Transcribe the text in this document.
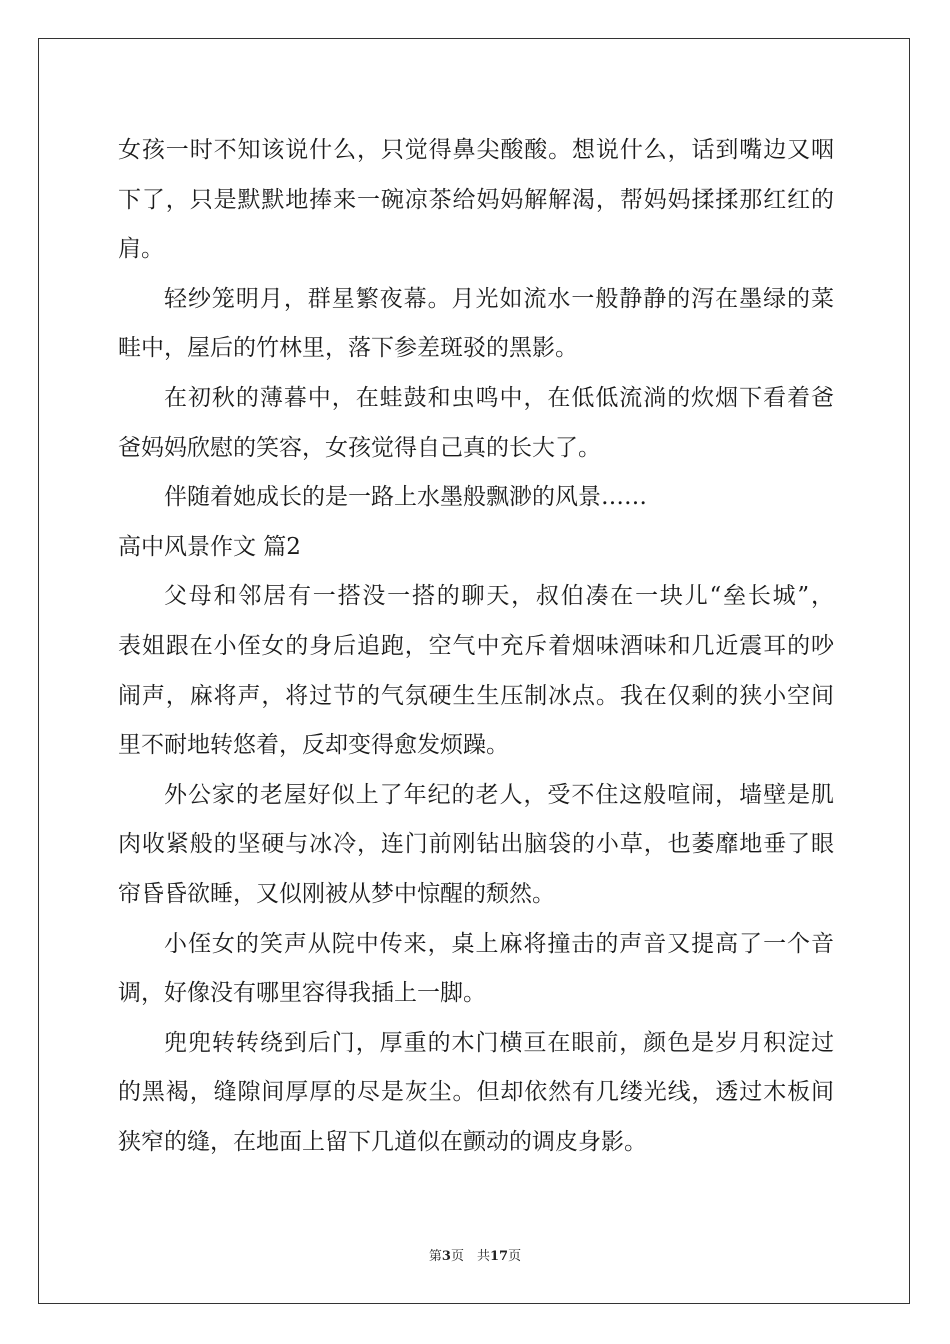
女孩一时不知该说什么，只觉得鼻尖酸酸。想说什么，话到嘴边又咽
下了，只是默默地捧来一碗凉茶给妈妈解解渴，帮妈妈揉揉那红红的
肩。
轻纱笼明月，群星繁夜幕。月光如流水一般静静的泻在墨绿的菜
畦中，屋后的竹林里，落下参差斑驳的黑影。
在初秋的薄暮中，在蛙鼓和虫鸣中，在低低流淌的炊烟下看着爸
爸妈妈欣慰的笑容，女孩觉得自己真的长大了。
伴随着她成长的是一路上水墨般飘渺的风景……
高中风景作文 篇2
父母和邻居有一搭没一搭的聊天，叔伯凑在一块儿“垒长城”，
表姐跟在小侄女的身后追跑，空气中充斥着烟味酒味和几近震耳的吵
闹声，麻将声，将过节的气氛硬生生压制冰点。我在仅剩的狭小空间
里不耐地转悠着，反却变得愈发烦躁。
外公家的老屋好似上了年纪的老人，受不住这般喧闹，墙壁是肌
肉收紧般的坚硬与冰冷，连门前刚钻出脑袋的小草，也萎靡地垂了眼
帘昏昏欲睡，又似刚被从梦中惊醒的颓然。
小侄女的笑声从院中传来，桌上麻将撞击的声音又提高了一个音
调，好像没有哪里容得我插上一脚。
兜兜转转绕到后门，厚重的木门横亘在眼前，颜色是岁月积淀过
的黑褐，缝隙间厚厚的尽是灰尘。但却依然有几缕光线，透过木板间
狭窄的缝，在地面上留下几道似在颤动的调皮身影。
第3页　共17页
